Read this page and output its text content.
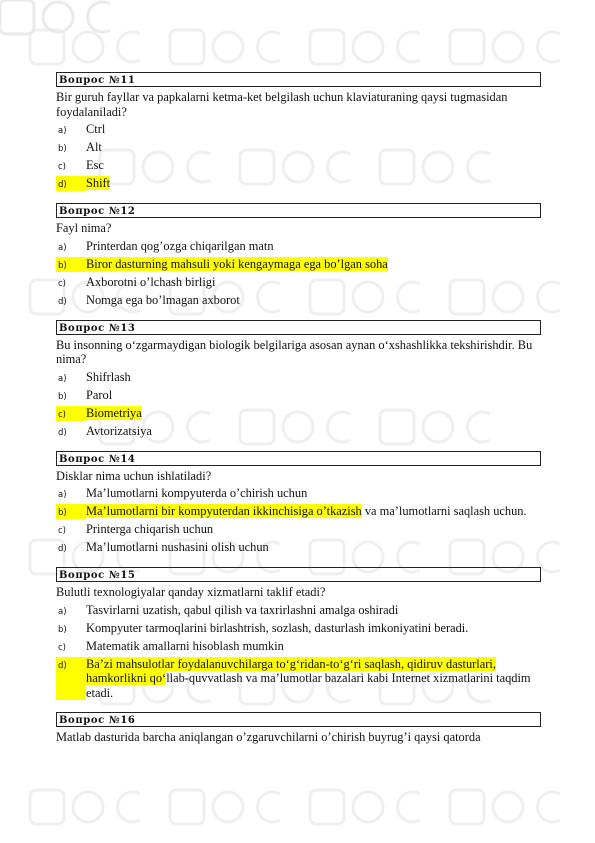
Вопрос №11
Bir guruh fayllar va papkalarni ketma-ket belgilash uchun klaviaturaning qaysi tugmasidan foydalaniladi?
a)	Ctrl
b)	Alt
c)	Esc
d)	Shift
Вопрос №12
Fayl nima?
a)	Printerdan qog’ozga chiqarilgan matn
b)	Biror dasturning mahsuli yoki kengaymaga ega bo’lgan soha
c)	Axborotni o’lchash birligi
d)	Nomga ega bo’lmagan axborot
Вопрос №13
Bu insonning o‘zgarmaydigan biologik belgilariga asosan aynan o‘xshashlikka tekshirishdir. Bu nima?
a)	Shifrlash
b)	Parol
c)	Biometriya
d)	Avtorizatsiya
Вопрос №14
Disklar nima uchun ishlatiladi?
a)	Ma’lumotlarni kompyuterda o’chirish uchun
b)	Ma’lumotlarni bir kompyuterdan ikkinchisiga o’tkazish va ma’lumotlarni saqlash uchun.
c)	Printerga chiqarish uchun
d)	Ma’lumotlarni nushasini olish uchun
Вопрос №15
Bulutli texnologiyalar qanday xizmatlarni taklif etadi?
a)	Tasvirlarni uzatish, qabul qilish va taxrirlashni amalga oshiradi
b)	Kompyuter tarmoqlarini birlashtrish, sozlash, dasturlash imkoniyatini beradi.
c)	Matematik amallarni hisoblash mumkin
d)	Ba’zi mahsulotlar foydalanuvchilarga to‘g‘ridan-to‘g‘ri saqlash, qidiruv dasturlari, hamkorlikni qo‘llab-quvvatlash va ma’lumotlar bazalari kabi Internet xizmatlarini taqdim etadi.
Вопрос №16
Matlab dasturida barcha aniqlangan o’zgaruvchilarni o’chirish buyrug’i qaysi qatorda
